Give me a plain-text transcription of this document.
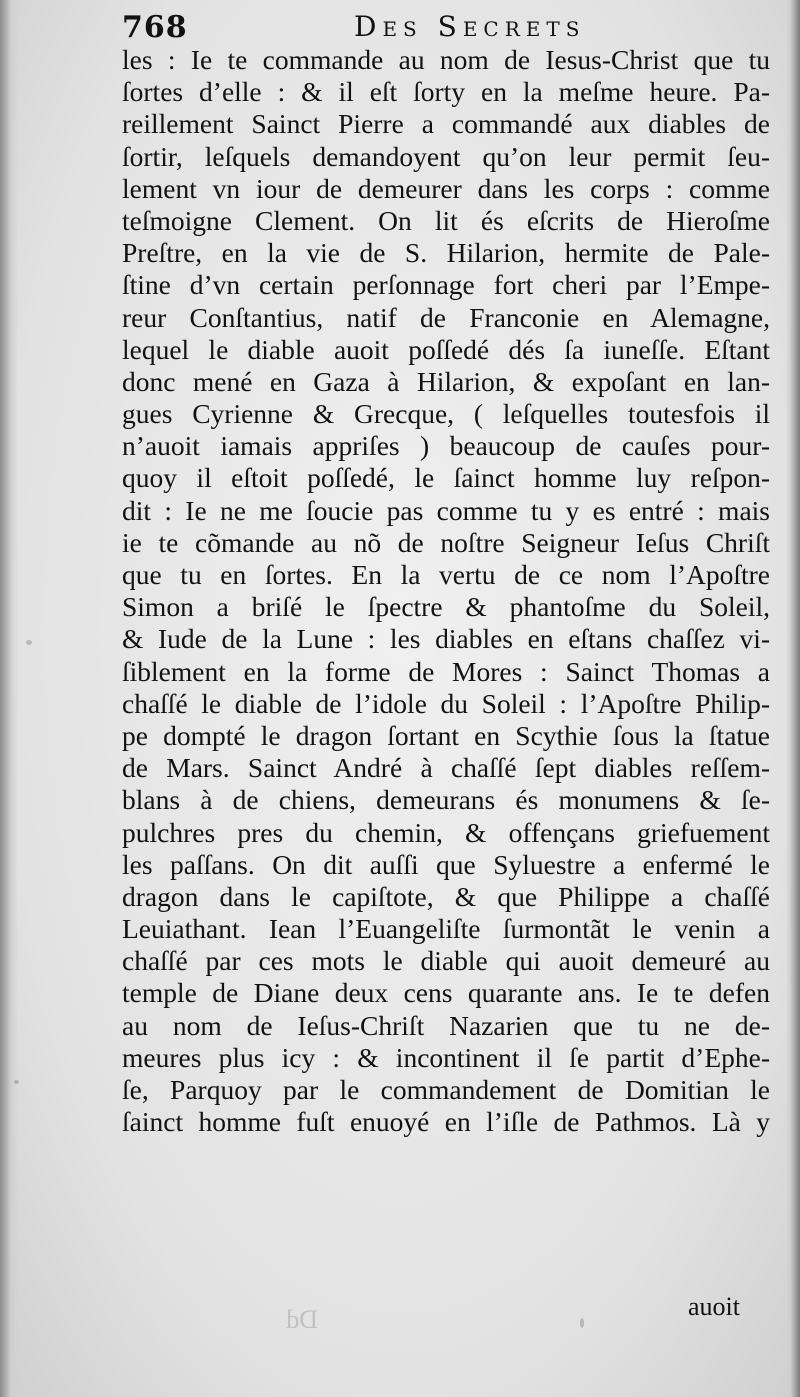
768	Des Secrets
les : Ie te commande au nom de Iesus-Christ que tu
ſortes d’elle : & il eſt ſorty en la meſme heure. Pa-
reillement Sainct Pierre a commandé aux diables de
ſortir, leſquels demandoyent qu’on leur permit ſeu-
lement vn iour de demeurer dans les corps : comme
teſmoigne Clement. On lit és eſcrits de Hieroſme
Preſtre, en la vie de S. Hilarion, hermite de Pale-
ſtine d’vn certain perſonnage fort cheri par l’Empe-
reur Conſtantius, natif de Franconie en Alemagne,
lequel le diable auoit poſſedé dés ſa iuneſſe. Eſtant
donc mené en Gaza à Hilarion, & expoſant en lan-
gues Cyrienne & Grecque, ( leſquelles toutesfois il
n’auoit iamais appriſes ) beaucoup de cauſes pour-
quoy il eſtoit poſſedé, le ſainct homme luy reſpon-
dit : Ie ne me ſoucie pas comme tu y es entré : mais
ie te cõmande au nõ de noſtre Seigneur Ieſus Chriſt
que tu en ſortes. En la vertu de ce nom l’Apoſtre
Simon a briſé le ſpectre & phantoſme du Soleil,
& Iude de la Lune : les diables en eſtans chaſſez vi-
ſiblement en la forme de Mores : Sainct Thomas a
chaſſé le diable de l’idole du Soleil : l’Apoſtre Philip-
pe dompté le dragon ſortant en Scythie ſous la ſtatue
de Mars. Sainct André à chaſſé ſept diables reſſem-
blans à de chiens, demeurans és monumens & ſe-
pulchres pres du chemin, & offençans griefuement
les paſſans. On dit auſſi que Syluestre a enfermé le
dragon dans le capiſtote, & que Philippe a chaſſé
Leuiathant. Iean l’Euangeliſte ſurmontãt le venin a
chaſſé par ces mots le diable qui auoit demeuré au
temple de Diane deux cens quarante ans. Ie te defen
au nom de Ieſus-Chriſt Nazarien que tu ne de-
meures plus icy : & incontinent il ſe partit d’Ephe-
ſe, Parquoy par le commandement de Domitian le
ſainct homme fuſt enuoyé en l’iſle de Pathmos. Là y
auoit
Dd
